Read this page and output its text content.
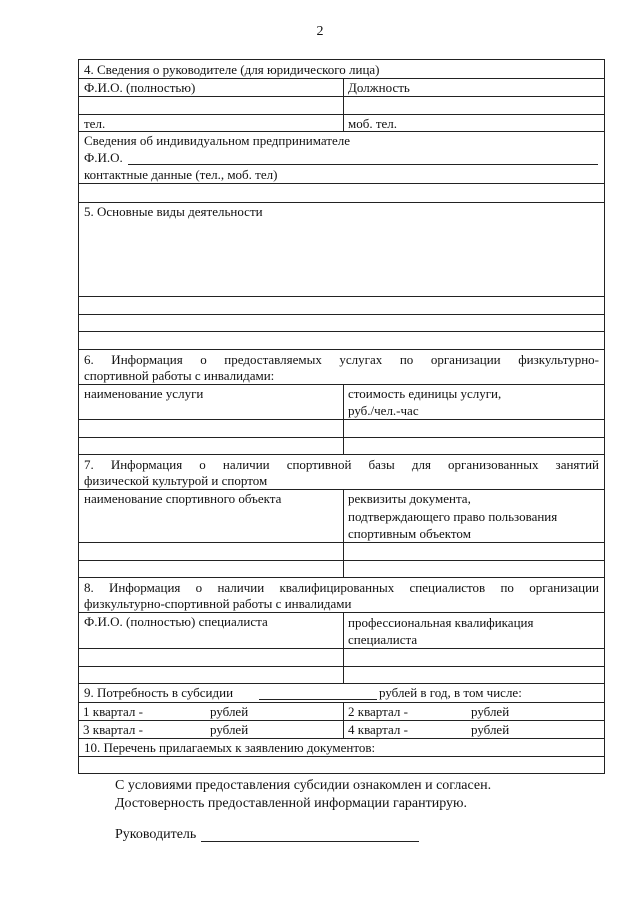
2
4. Сведения о руководителе (для юридического лица)
Ф.И.О. (полностью)	Должность
тел.	моб. тел.
Сведения об индивидуальном предпринимателе
Ф.И.О.
контактные данные (тел., моб. тел)
5. Основные виды деятельности
6. Информация о предоставляемых услугах по организации физкультурно-
спортивной работы с инвалидами:
наименование услуги	стоимость единицы услуги,
руб./чел.-час
7. Информация о наличии спортивной базы для организованных занятий
физической культурой и спортом
наименование спортивного объекта	реквизиты документа,
подтверждающего право пользования
спортивным объектом
8. Информация о наличии квалифицированных специалистов по организации
физкультурно-спортивной работы с инвалидами
Ф.И.О. (полностью) специалиста	профессиональная квалификация
специалиста
9. Потребность в субсидии	рублей в год, в том числе:
1 квартал -	рублей	2 квартал -	рублей
3 квартал -	рублей	4 квартал -	рублей
10. Перечень прилагаемых к заявлению документов:
С условиями предоставления субсидии ознакомлен и согласен.
Достоверность предоставленной информации гарантирую.
Руководитель
